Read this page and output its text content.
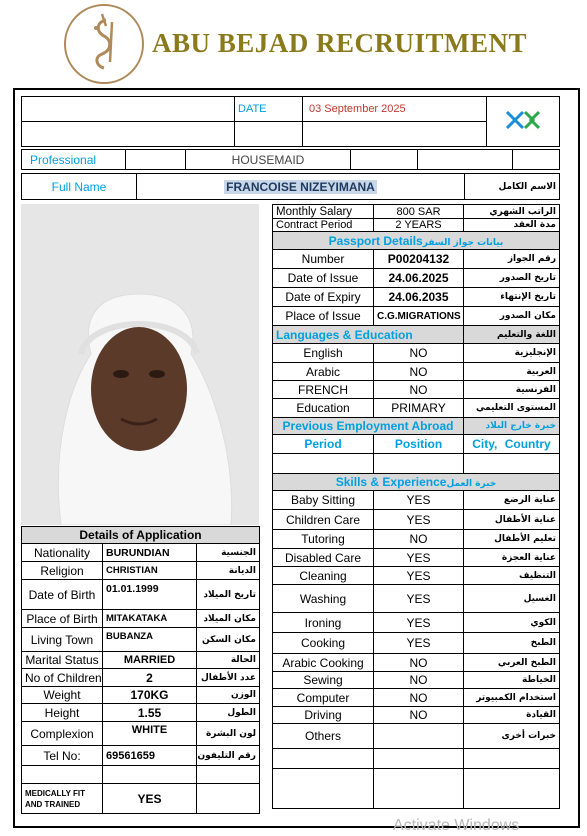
ABU BEJAD RECRUITMENT
	DATE	03 September 2025	

Professional		HOUSEMAID			
Full Name	FRANCOISE NIZEYIMANA	الاسم الكامل
Monthly Salary	800 SAR	الراتب الشهري
Contract Period	2 YEARS	مدة العقد
Passport Detailsبيانات جواز السفر		
Number	P00204132	رقم الجواز
Date of Issue	24.06.2025	تاريخ الصدور
Date of Expiry	24.06.2035	تاريخ الإنتهاء
Place of Issue	C.G.MIGRATIONS	مكان الصدور
Languages & Education		اللغة والتعليم
English	NO	الإنجليزية
Arabic	NO	العربية
FRENCH	NO	الفرنسية
Education	PRIMARY	المستوى التعليمي
Previous Employment Abroad		خبرة خارج البلاد
Period	Position	City, Country

Skills & Experienceخبرة العمل		
Baby Sitting	YES	عناية الرضع
Children Care	YES	عناية الأطفال
Tutoring	NO	تعليم الأطفال
Disabled Care	YES	عناية العجزة
Cleaning	YES	التنظيف
Washing	YES	الغسيل
Ironing	YES	الكوي
Cooking	YES	الطبخ
Arabic Cooking	NO	الطبخ العربي
Sewing	NO	الخياطة
Computer	NO	استخدام الكمبيوتر
Driving	NO	القيادة
Others		خبرات أخرى

Details of Application		
Nationality	BURUNDIAN	الجنسية
Religion	CHRISTIAN	الديانة
Date of Birth	01.01.1999	تاريخ الميلاد
Place of Birth	MITAKATAKA	مكان الميلاد
Living Town	BUBANZA	مكان السكن
Marital Status	MARRIED	الحالة
No of Children	2	عدد الأطفال
Weight	170KG	الوزن
Height	1.55	الطول
Complexion	WHITE	لون البشرة
Tel No:	69561659	رقم التليفون

MEDICALLY FIT
AND TRAINED	YES	
Activate Windows
